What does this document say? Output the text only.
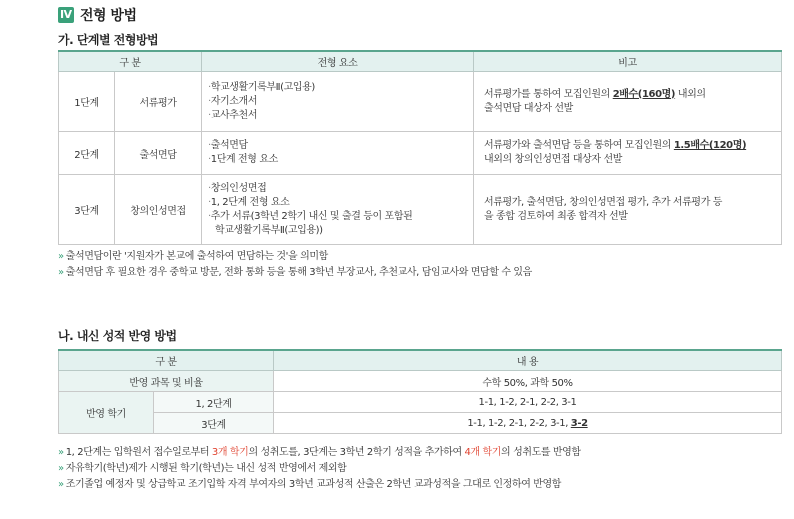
Ⅳ 전형 방법
가. 단계별 전형방법
구 분		전형 요소	비고
1단계	서류평가	· 학교생활기록부Ⅱ(고입용)
· 자기소개서
· 교사추천서	서류평가를 통하여 모집인원의 2배수(160명) 내외의
출석면담 대상자 선발
2단계	출석면담	· 출석면담
· 1단계 전형 요소	서류평가와 출석면담 등을 통하여 모집인원의 1.5배수(120명)
내외의 창의인성면접 대상자 선발
3단계	창의인성면접	· 창의인성면접
· 1, 2단계 전형 요소
· 추가 서류(3학년 2학기 내신 및 출결 등이 포함된
학교생활기록부Ⅱ(고입용))	서류평가, 출석면담, 창의인성면접 평가, 추가 서류평가 등
을 종합 검토하여 최종 합격자 선발
» 출석면담이란 '지원자가 본교에 출석하여 면담하는 것'을 의미함
» 출석면담 후 필요한 경우 중학교 방문, 전화 통화 등을 통해 3학년 부장교사, 추천교사, 담임교사와 면담할 수 있음
나. 내신 성적 반영 방법
구 분		내 용
반영 과목 및 비율		수학 50%, 과학 50%
반영 학기	1, 2단계	1-1, 1-2, 2-1, 2-2, 3-1
	3단계	1-1, 1-2, 2-1, 2-2, 3-1, 3-2
» 1, 2단계는 입학원서 접수일로부터 3개 학기의 성취도를, 3단계는 3학년 2학기 성적을 추가하여 4개 학기의 성취도를 반영함
» 자유학기(학년)제가 시행된 학기(학년)는 내신 성적 반영에서 제외함
» 조기졸업 예정자 및 상급학교 조기입학 자격 부여자의 3학년 교과성적 산출은 2학년 교과성적을 그대로 인정하여 반영함
